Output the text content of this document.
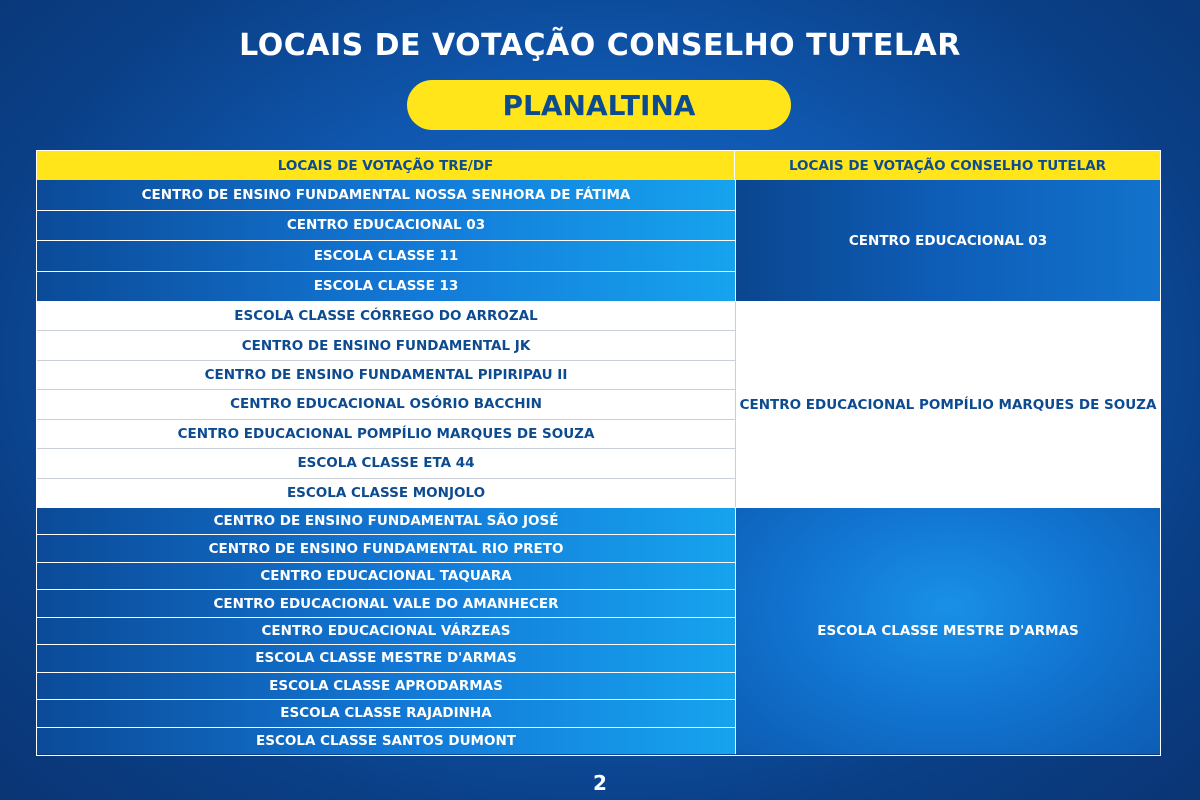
LOCAIS DE VOTAÇÃO CONSELHO TUTELAR
PLANALTINA
LOCAIS DE VOTAÇÃO TRE/DF	LOCAIS DE VOTAÇÃO CONSELHO TUTELAR
CENTRO DE ENSINO FUNDAMENTAL NOSSA SENHORA DE FÁTIMA
CENTRO EDUCACIONAL 03
ESCOLA CLASSE 11
ESCOLA CLASSE 13
CENTRO EDUCACIONAL 03
ESCOLA CLASSE CÓRREGO DO ARROZAL
CENTRO DE ENSINO FUNDAMENTAL JK
CENTRO DE ENSINO FUNDAMENTAL PIPIRIPAU II
CENTRO EDUCACIONAL OSÓRIO BACCHIN
CENTRO EDUCACIONAL POMPÍLIO MARQUES DE SOUZA
ESCOLA CLASSE ETA 44
ESCOLA CLASSE MONJOLO
CENTRO EDUCACIONAL POMPÍLIO MARQUES DE SOUZA
CENTRO DE ENSINO FUNDAMENTAL SÃO JOSÉ
CENTRO DE ENSINO FUNDAMENTAL RIO PRETO
CENTRO EDUCACIONAL TAQUARA
CENTRO EDUCACIONAL VALE DO AMANHECER
CENTRO EDUCACIONAL VÁRZEAS
ESCOLA CLASSE MESTRE D'ARMAS
ESCOLA CLASSE APRODARMAS
ESCOLA CLASSE RAJADINHA
ESCOLA CLASSE SANTOS DUMONT
ESCOLA CLASSE MESTRE D'ARMAS
2
